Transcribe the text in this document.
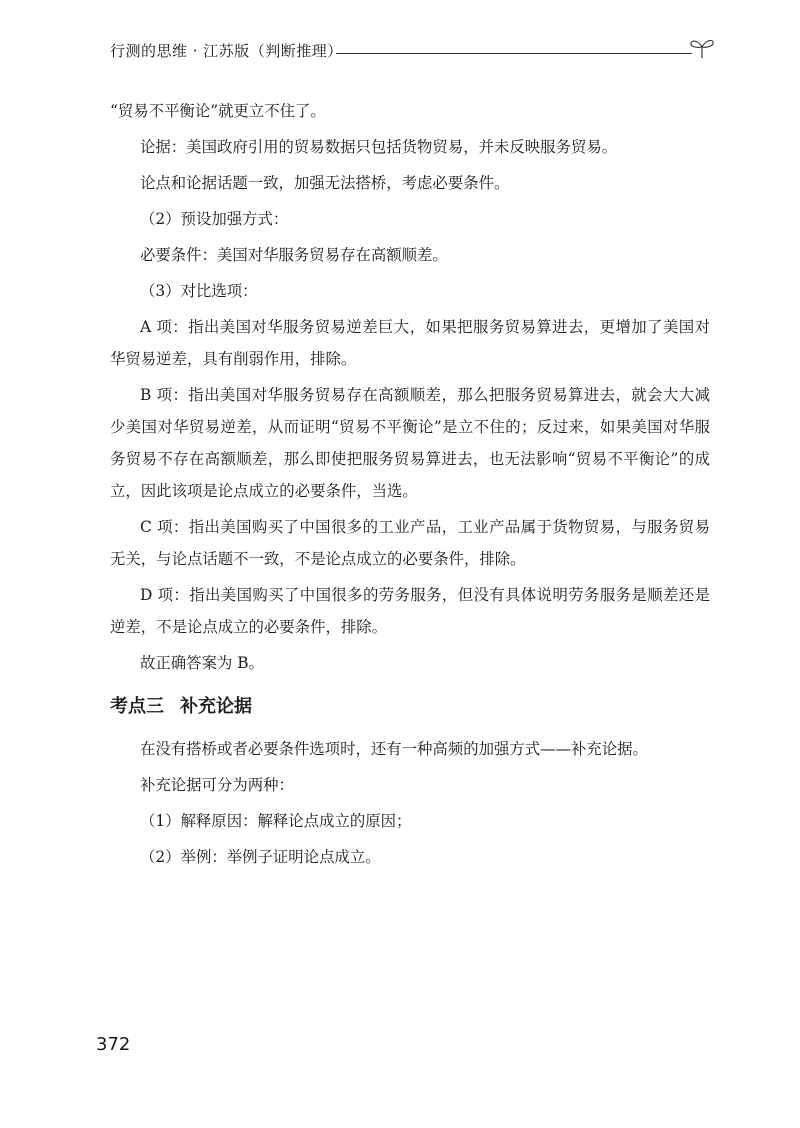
行测的思维 · 江苏版（判断推理）

“贸易不平衡论”就更立不住了。

论据：美国政府引用的贸易数据只包括货物贸易，并未反映服务贸易。

论点和论据话题一致，加强无法搭桥，考虑必要条件。

（2）预设加强方式：

必要条件：美国对华服务贸易存在高额顺差。

（3）对比选项：

A 项：指出美国对华服务贸易逆差巨大，如果把服务贸易算进去，更增加了美国对华贸易逆差，具有削弱作用，排除。

B 项：指出美国对华服务贸易存在高额顺差，那么把服务贸易算进去，就会大大减少美国对华贸易逆差，从而证明“贸易不平衡论”是立不住的；反过来，如果美国对华服务贸易不存在高额顺差，那么即使把服务贸易算进去，也无法影响“贸易不平衡论”的成立，因此该项是论点成立的必要条件，当选。

C 项：指出美国购买了中国很多的工业产品，工业产品属于货物贸易，与服务贸易无关，与论点话题不一致，不是论点成立的必要条件，排除。

D 项：指出美国购买了中国很多的劳务服务，但没有具体说明劳务服务是顺差还是逆差，不是论点成立的必要条件，排除。

故正确答案为 B。

考点三 补充论据

在没有搭桥或者必要条件选项时，还有一种高频的加强方式——补充论据。

补充论据可分为两种：

（1）解释原因：解释论点成立的原因；

（2）举例：举例子证明论点成立。

372
